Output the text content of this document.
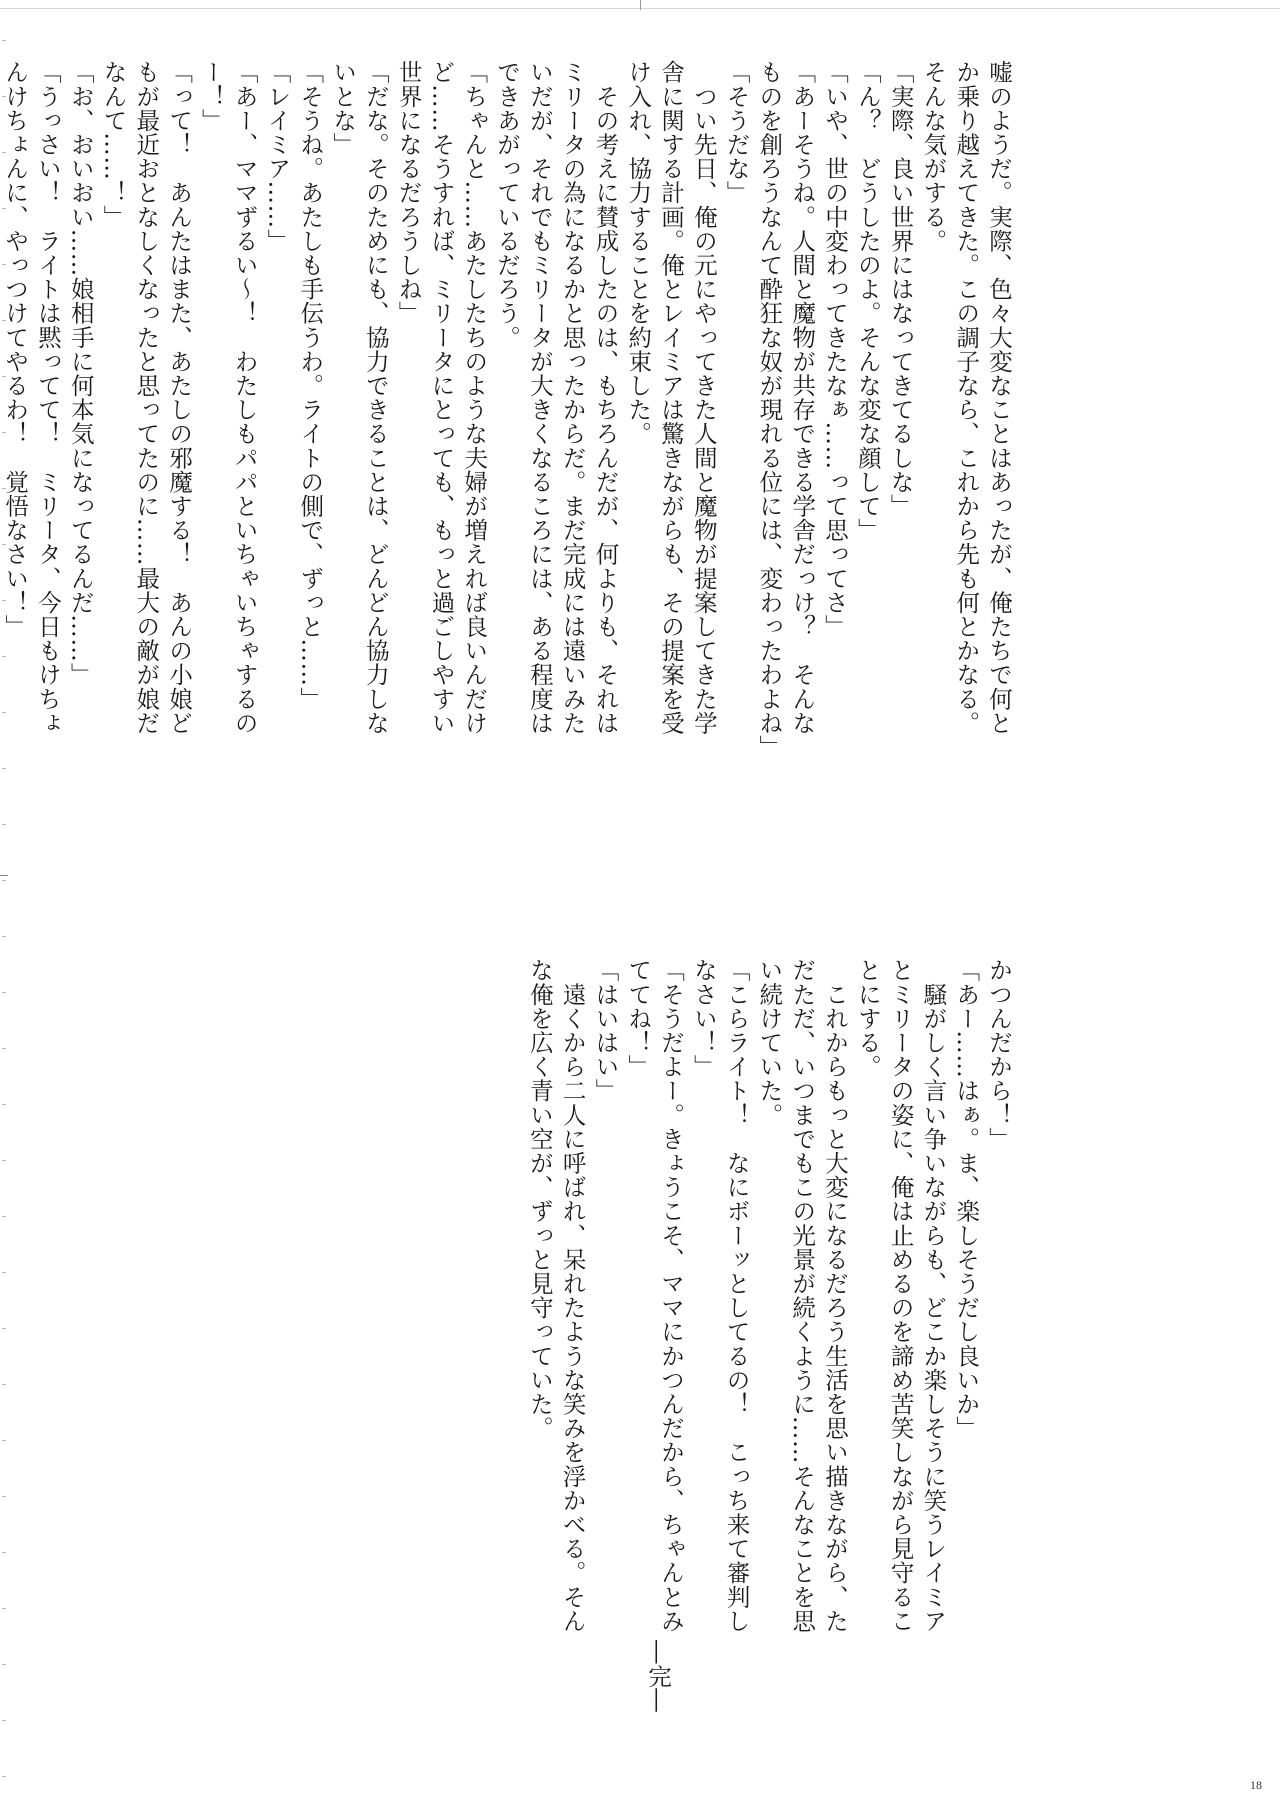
嘘のようだ。実際、色々大変なことはあったが、俺たちで何と

か乗り越えてきた。この調子なら、これから先も何とかなる。

そんな気がする。

「実際、良い世界にはなってきてるしな」

「ん？　どうしたのよ。そんな変な顔して」

「いや、世の中変わってきたなぁ……って思ってさ」

「あーそうね。人間と魔物が共存できる学舎だっけ？　そんな

ものを創ろうなんて酔狂な奴が現れる位には、変わったわよね」

「そうだな」

　つい先日、俺の元にやってきた人間と魔物が提案してきた学

舎に関する計画。俺とレイミアは驚きながらも、その提案を受

け入れ、協力することを約束した。

　その考えに賛成したのは、もちろんだが、何よりも、それは

ミリータの為になるかと思ったからだ。まだ完成には遠いみた

いだが、それでもミリータが大きくなるころには、ある程度は

できあがっているだろう。

「ちゃんと……あたしたちのような夫婦が増えれば良いんだけ

ど……そうすれば、ミリータにとっても、もっと過ごしやすい

世界になるだろうしね」

「だな。そのためにも、協力できることは、どんどん協力しな

いとな」

「そうね。あたしも手伝うわ。ライトの側で、ずっと……」

「レイミア……」

「あー、ママずるい～！　わたしもパパといちゃいちゃするの

ー！」

「って！　あんたはまた、あたしの邪魔する！　あんの小娘ど

もが最近おとなしくなったと思ってたのに……最大の敵が娘だ

なんて……！」

「お、おいおい……娘相手に何本気になってるんだ……」

「うっさい！　ライトは黙ってて！　ミリータ、今日もけちょ

んけちょんに、やっつけてやるわ！　覚悟なさい！」

かつんだから！」

「あー……はぁ。ま、楽しそうだし良いか」

　騒がしく言い争いながらも、どこか楽しそうに笑うレイミア

とミリータの姿に、俺は止めるのを諦め苦笑しながら見守るこ

とにする。

　これからもっと大変になるだろう生活を思い描きながら、た

だただ、いつまでもこの光景が続くように……そんなことを思

い続けていた。

「こらライト！　なにボーッとしてるの！　こっち来て審判し

なさい！」

「そうだよー。きょうこそ、ママにかつんだから、ちゃんとみ

ててね！」

「はいはい」

　遠くから二人に呼ばれ、呆れたような笑みを浮かべる。そん

な俺を広く青い空が、ずっと見守っていた。

―完―
18
